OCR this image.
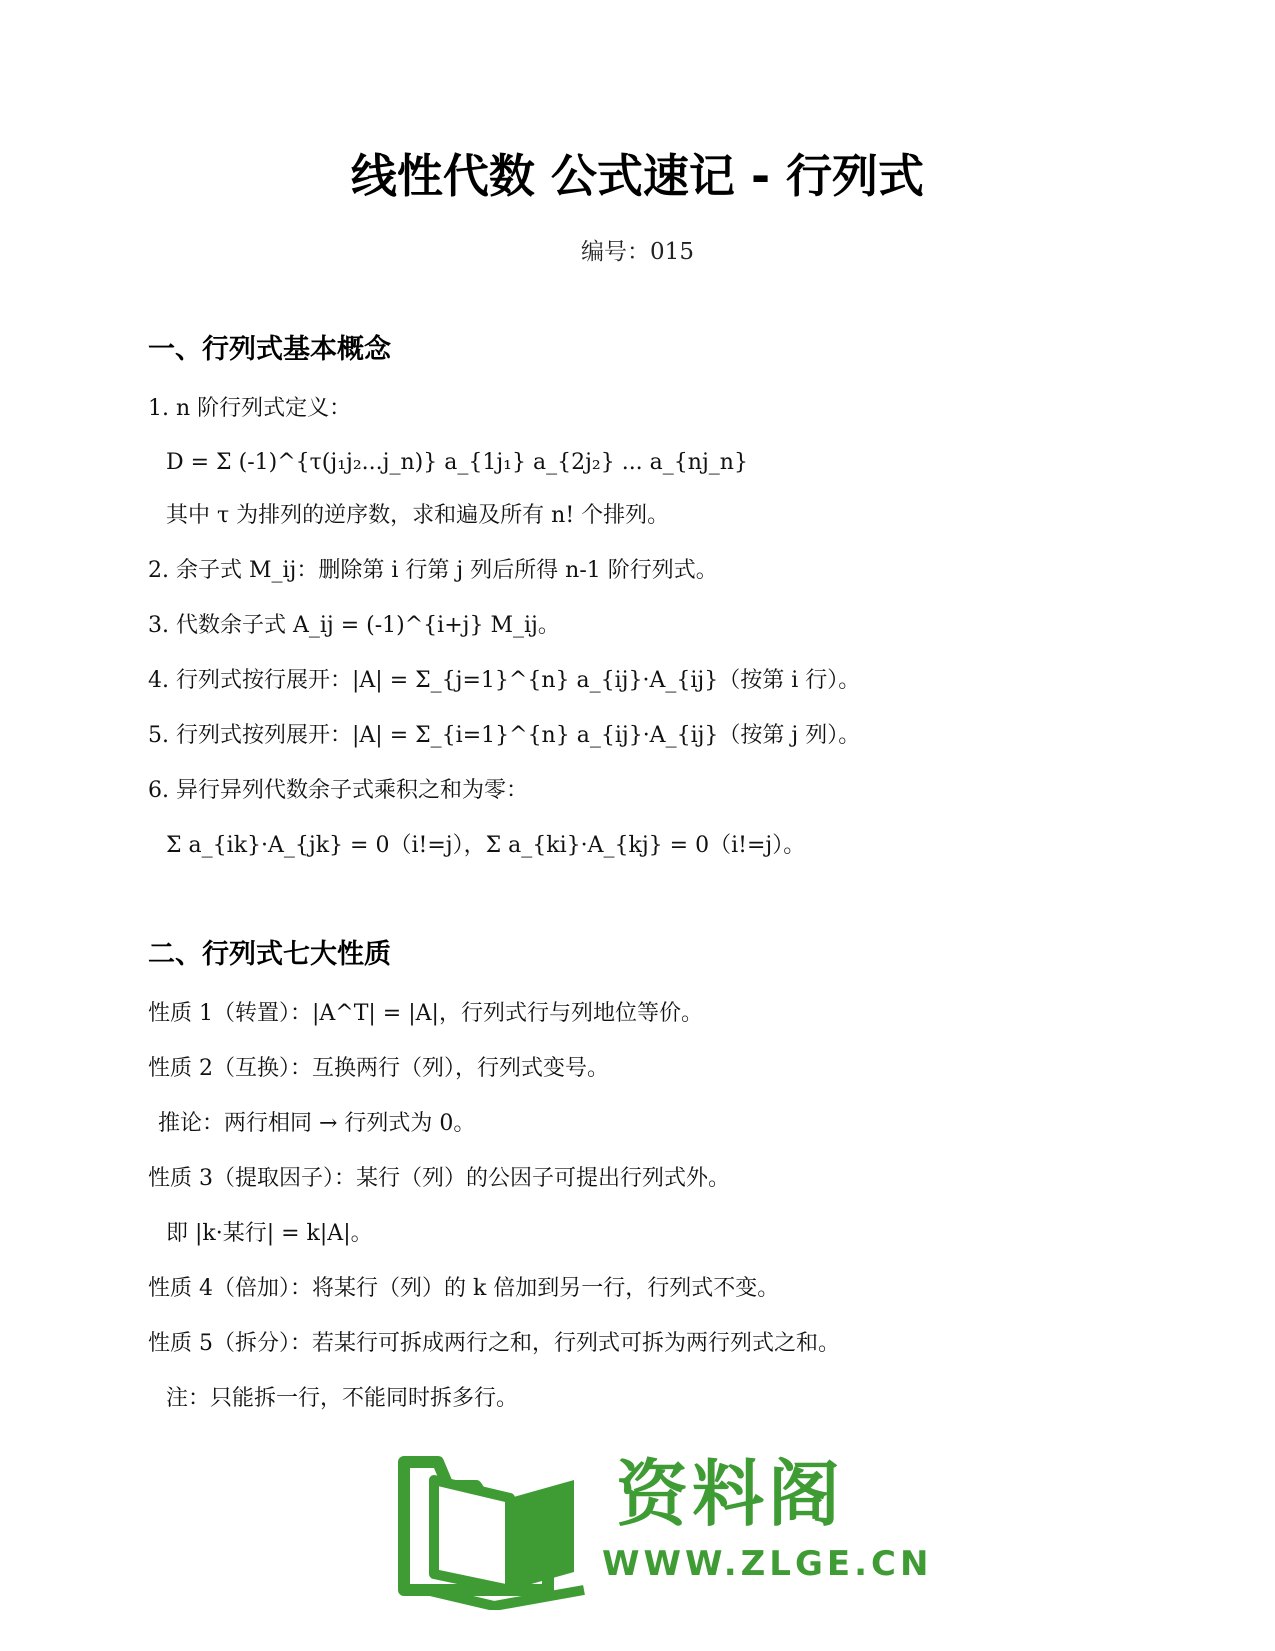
线性代数 公式速记 - 行列式
编号：015
一、行列式基本概念
1. n 阶行列式定义：
D = Σ (-1)^{τ(j₁j₂...j_n)} a_{1j₁} a_{2j₂} ... a_{nj_n}
其中 τ 为排列的逆序数，求和遍及所有 n! 个排列。
2. 余子式 M_ij：删除第 i 行第 j 列后所得 n-1 阶行列式。
3. 代数余子式 A_ij = (-1)^{i+j} M_ij。
4. 行列式按行展开：|A| = Σ_{j=1}^{n} a_{ij}·A_{ij}（按第 i 行）。
5. 行列式按列展开：|A| = Σ_{i=1}^{n} a_{ij}·A_{ij}（按第 j 列）。
6. 异行异列代数余子式乘积之和为零：
Σ a_{ik}·A_{jk} = 0（i!=j），Σ a_{ki}·A_{kj} = 0（i!=j）。
二、行列式七大性质
性质 1（转置）：|A^T| = |A|，行列式行与列地位等价。
性质 2（互换）：互换两行（列），行列式变号。
推论：两行相同 → 行列式为 0。
性质 3（提取因子）：某行（列）的公因子可提出行列式外。
即 |k·某行| = k|A|。
性质 4（倍加）：将某行（列）的 k 倍加到另一行，行列式不变。
性质 5（拆分）：若某行可拆成两行之和，行列式可拆为两行列式之和。
注：只能拆一行，不能同时拆多行。
资料阁
WWW.ZLGE.CN
